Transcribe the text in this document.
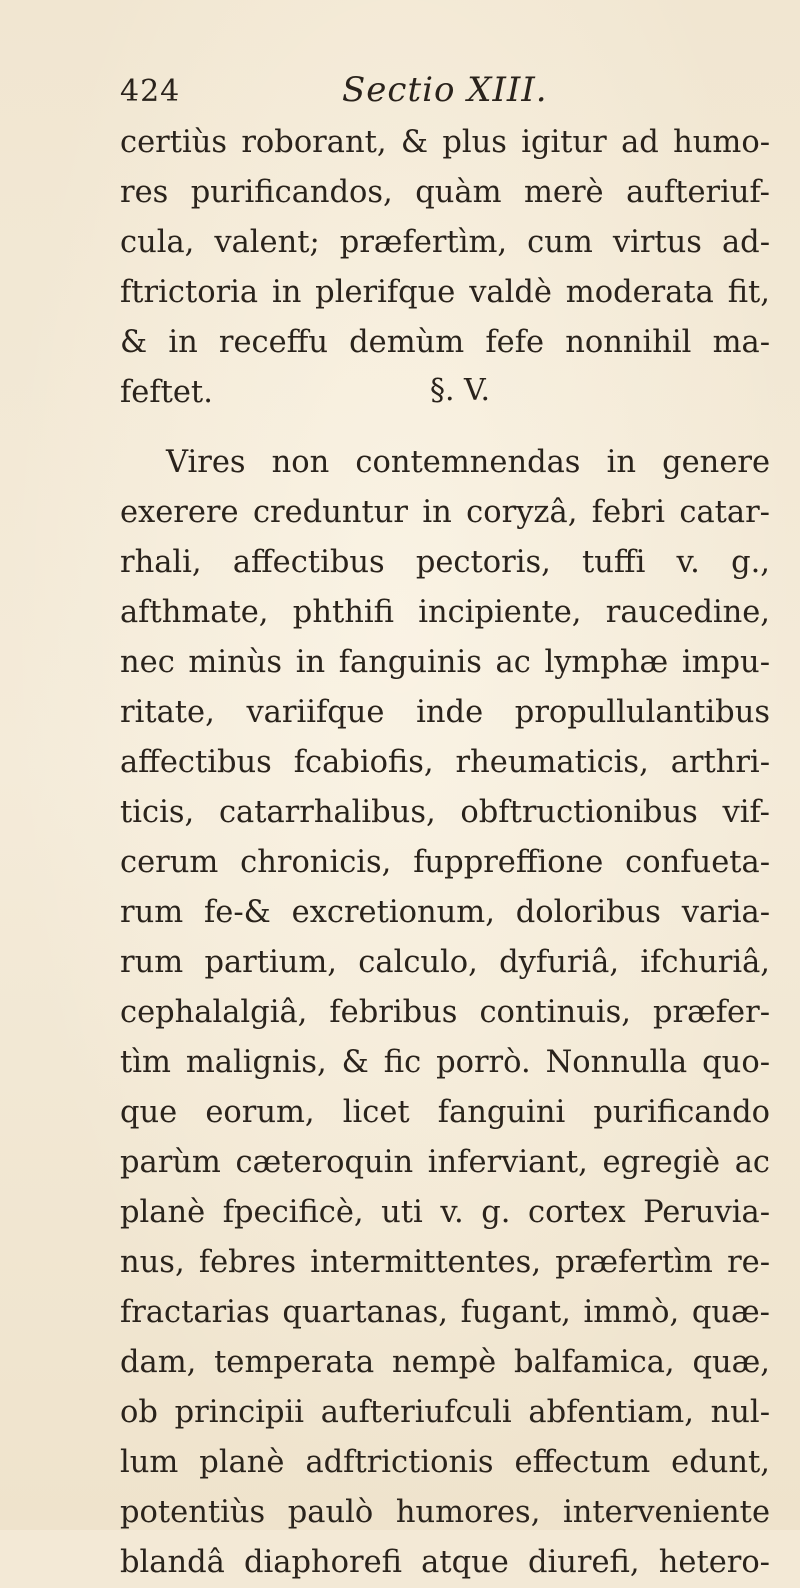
424	Sectio XIII.
certiùs roborant, & plus igitur ad humo-
res purificandos, quàm merè aufteriuf-
cula, valent; præfertìm, cum virtus ad-
ftrictoria in plerifque valdè moderata fit,
& in receffu demùm fefe nonnihil ma-
feftet.	§. V.
Vires non contemnendas in genere
exerere creduntur in coryzâ, febri catar-
rhali, affectibus pectoris, tuffi v. g.,
afthmate, phthifi incipiente, raucedine,
nec minùs in fanguinis ac lymphæ impu-
ritate, variifque inde propullulantibus
affectibus fcabiofis, rheumaticis, arthri-
ticis, catarrhalibus, obftructionibus vif-
cerum chronicis, fuppreffione confueta-
rum fe-& excretionum, doloribus varia-
rum partium, calculo, dyfuriâ, ifchuriâ,
cephalalgiâ, febribus continuis, præfer-
tìm malignis, & fic porrò. Nonnulla quo-
que eorum, licet fanguini purificando
parùm cæteroquin inferviant, egregiè ac
planè fpecificè, uti v. g. cortex Peruvia-
nus, febres intermittentes, præfertìm re-
fractarias quartanas, fugant, immò, quæ-
dam, temperata nempè balfamica, quæ,
ob principii aufteriufculi abfentiam, nul-
lum planè adftrictionis effectum edunt,
potentiùs paulò humores, interveniente
blandâ diaphorefi atque diurefi, hetero-
